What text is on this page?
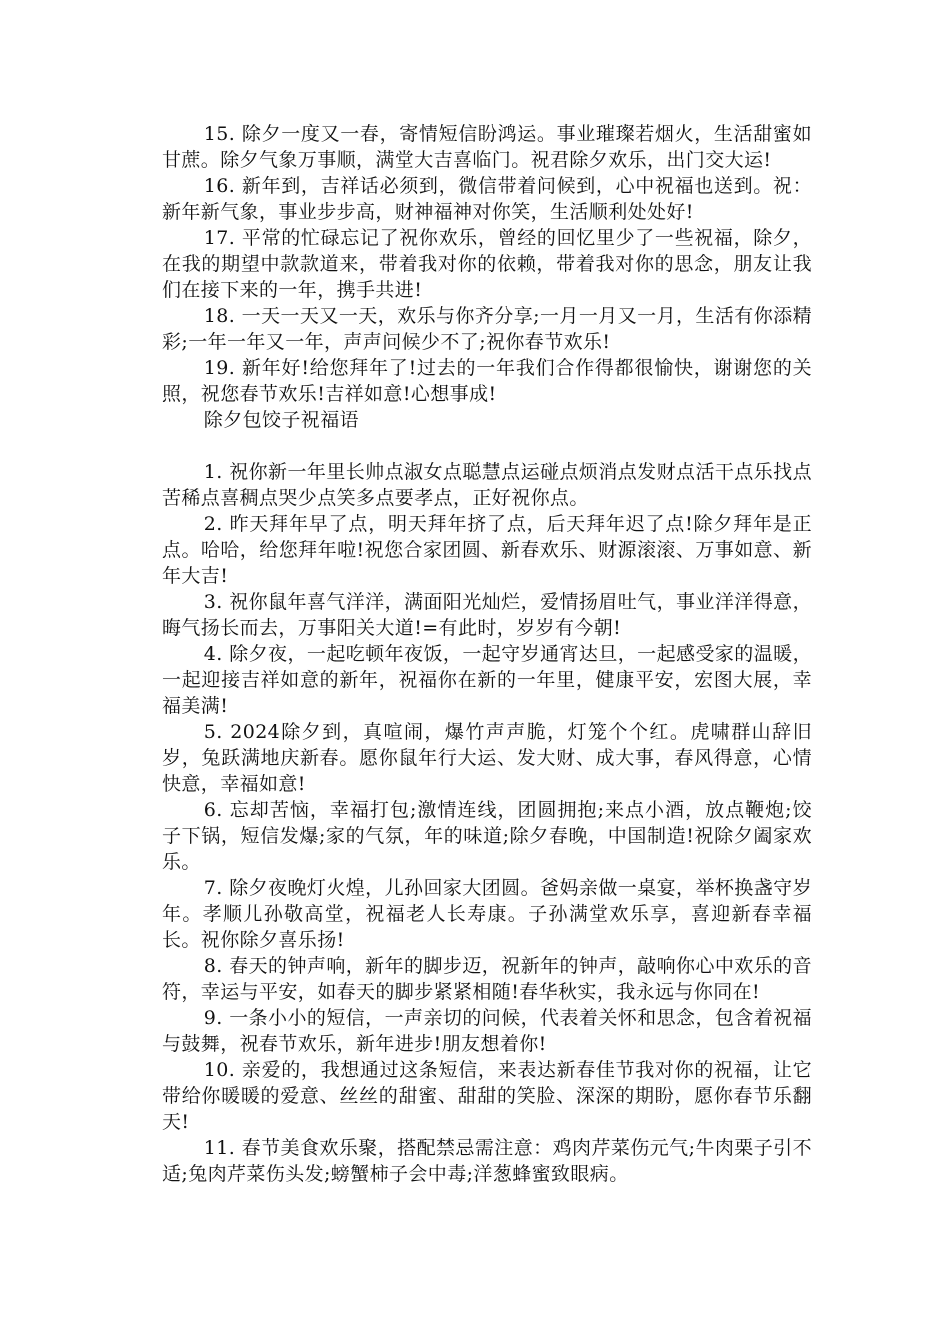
15. 除夕一度又一春，寄情短信盼鸿运。事业璀璨若烟火，生活甜蜜如甘蔗。除夕气象万事顺，满堂大吉喜临门。祝君除夕欢乐，出门交大运!

16. 新年到，吉祥话必须到，微信带着问候到，心中祝福也送到。祝：新年新气象，事业步步高，财神福神对你笑，生活顺利处处好!

17. 平常的忙碌忘记了祝你欢乐，曾经的回忆里少了一些祝福，除夕，在我的期望中款款道来，带着我对你的依赖，带着我对你的思念，朋友让我们在接下来的一年，携手共进!

18. 一天一天又一天，欢乐与你齐分享;一月一月又一月，生活有你添精彩;一年一年又一年，声声问候少不了;祝你春节欢乐!

19. 新年好!给您拜年了!过去的一年我们合作得都很愉快，谢谢您的关照，祝您春节欢乐!吉祥如意!心想事成!

除夕包饺子祝福语

1. 祝你新一年里长帅点淑女点聪慧点运碰点烦消点发财点活干点乐找点苦稀点喜稠点哭少点笑多点要孝点，正好祝你点。

2. 昨天拜年早了点，明天拜年挤了点，后天拜年迟了点!除夕拜年是正点。哈哈，给您拜年啦!祝您合家团圆、新春欢乐、财源滚滚、万事如意、新年大吉!

3. 祝你鼠年喜气洋洋，满面阳光灿烂，爱情扬眉吐气，事业洋洋得意，晦气扬长而去，万事阳关大道!=有此时，岁岁有今朝!

4. 除夕夜，一起吃顿年夜饭，一起守岁通宵达旦，一起感受家的温暖，一起迎接吉祥如意的新年，祝福你在新的一年里，健康平安，宏图大展，幸福美满!

5. 2024除夕到，真喧闹，爆竹声声脆，灯笼个个红。虎啸群山辞旧岁，兔跃满地庆新春。愿你鼠年行大运、发大财、成大事，春风得意，心情快意，幸福如意!

6. 忘却苦恼，幸福打包;激情连线，团圆拥抱;来点小酒，放点鞭炮;饺子下锅，短信发爆;家的气氛，年的味道;除夕春晚，中国制造!祝除夕阖家欢乐。

7. 除夕夜晚灯火煌，儿孙回家大团圆。爸妈亲做一桌宴，举杯换盏守岁年。孝顺儿孙敬高堂，祝福老人长寿康。子孙满堂欢乐享，喜迎新春幸福长。祝你除夕喜乐扬!

8. 春天的钟声响，新年的脚步迈，祝新年的钟声，敲响你心中欢乐的音符，幸运与平安，如春天的脚步紧紧相随!春华秋实，我永远与你同在!

9. 一条小小的短信，一声亲切的问候，代表着关怀和思念，包含着祝福与鼓舞，祝春节欢乐，新年进步!朋友想着你!

10. 亲爱的，我想通过这条短信，来表达新春佳节我对你的祝福，让它带给你暖暖的爱意、丝丝的甜蜜、甜甜的笑脸、深深的期盼，愿你春节乐翻天!

11. 春节美食欢乐聚，搭配禁忌需注意：鸡肉芹菜伤元气;牛肉栗子引不适;兔肉芹菜伤头发;螃蟹柿子会中毒;洋葱蜂蜜致眼病。
